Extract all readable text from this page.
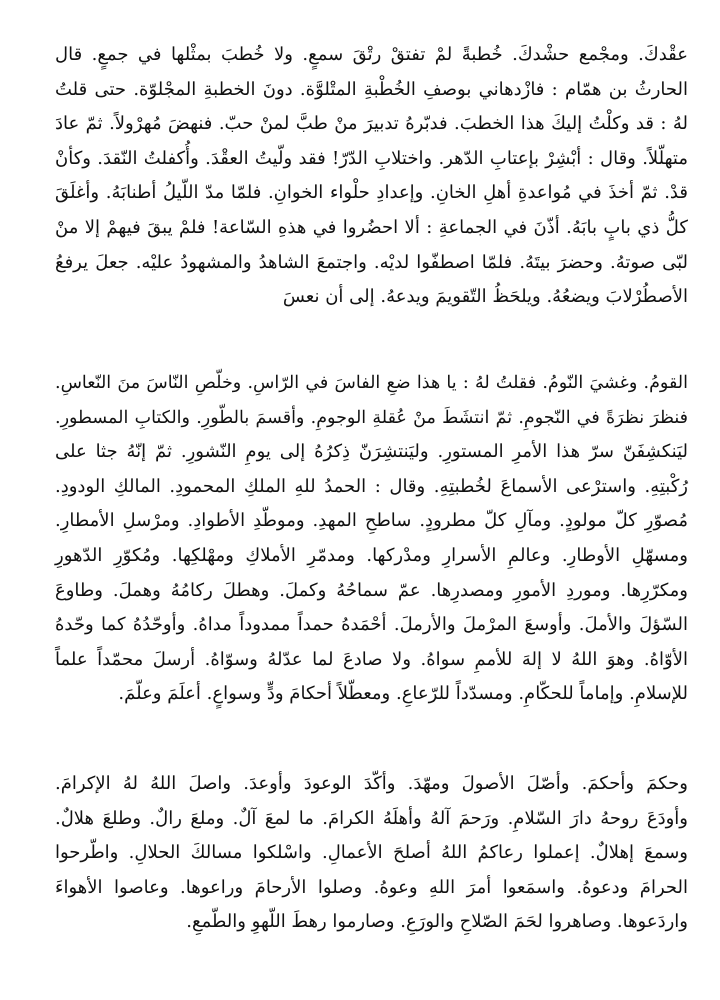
عقْدكَ. ومجْمع حشْدكَ. خُطبةً لمْ تفتقْ رتْقَ سمعٍ. ولا خُطبَ بمثْلها في جمعٍ. قال
الحارثُ بن همّام : فازْدهاني بوصفِ الخُطْبةِ المتْلوَّة. دونَ الخطبةِ المجْلوّة. حتى قلتُ
لهُ : قد وكلْتُ إليكَ هذا الخطبَ. فدبّرهُ تدبيرَ منْ طبَّ لمنْ حبّ. فنهضَ مُهرْولاً. ثمّ عادَ
متهلّلاً. وقال : أبْشِرْ بإعتابِ الدّهر. واختلابِ الدّرّ! فقد ولّيتُ العقْدَ. وأُكفلتُ النّقدَ. وكأنْ
قدْ. ثمّ أخذَ في مُواعدةِ أهلِ الخانِ. وإعدادِ حلْواء الخوانِ. فلمّا مدّ اللّيلُ أطنابَهُ. وأغلَقَ
كلُّ ذي بابٍ بابَهُ. أذّنَ في الجماعةِ : ألا احضُروا في هذهِ السّاعة! فلمْ يبقَ فيهمْ إلا منْ
لبّى صوتهُ. وحضرَ بيتَهُ. فلمّا اصطفّوا لديْه. واجتمعَ الشاهدُ والمشهودُ عليْه. جعلَ يرفعُ
الأصطُرْلابَ ويضعُهُ. ويلحَظُ التّقويمَ ويدعهُ. إلى أن نعسَ
القومُ. وغشيَ النّومُ. فقلتُ لهُ : يا هذا ضعِ الفاسَ في الرّاسِ. وخلّصِ النّاسَ منَ النّعاسِ.
فنظرَ نظرَةً في النّجومِ. ثمّ انتشَطَ منْ عُقلةِ الوجومِ. وأقسمَ بالطّورِ. والكتابِ المسطورِ.
ليَنكشِفَنّ سرّ هذا الأمرِ المستورِ. وليَنتشِرَنّ ذِكرُهُ إلى يومِ النّشورِ. ثمّ إنّهُ جثا على
رُكْبتِهِ. واسترْعى الأسماعَ لخُطبتِهِ. وقال : الحمدُ للهِ الملكِ المحمودِ. المالكِ الودودِ.
مُصوّرِ كلّ مولودٍ. ومآلِ كلّ مطرودٍ. ساطحِ المهدِ. وموطّدِ الأطوادِ. ومرْسلِ الأمطارِ.
ومسهّلِ الأوطارِ. وعالمِ الأسرارِ ومدْركها. ومدمّرِ الأملاكِ ومهْلكِها. ومُكوّرِ الدّهورِ
ومكرّرِها. وموردِ الأمورِ ومصدرِها. عمّ سماحُهُ وكملَ. وهطلَ ركامُهُ وهملَ. وطاوعَ
السّؤلَ والأملَ. وأوسعَ المرْملَ والأرملَ. أحْمَدهُ حمداً ممدوداً مداهُ. وأوحّدُهُ كما وحّدهُ
الأوّاهُ. وهوَ اللهُ لا إلهَ للأممِ سواهُ. ولا صادعَ لما عدّلهُ وسوّاهُ. أرسلَ محمّداً علماً
للإسلامِ. وإماماً للحكّامِ. ومسدّداً للرّعاعِ. ومعطّلاً أحكامَ ودٍّ وسواعٍ. أعلَمَ وعلّمَ.
وحكمَ وأحكمَ. وأصّلَ الأصولَ ومهّدَ. وأكّدَ الوعودَ وأوعدَ. واصلَ اللهُ لهُ الإكرامَ.
وأودَعَ روحهُ دارَ السّلامِ. ورَحمَ آلهُ وأهلَهُ الكرامَ. ما لمعَ آلٌ. وملعَ رالٌ. وطلعَ هلالٌ.
وسمعَ إهلالٌ. إعملوا رعاكمُ اللهُ أصلحَ الأعمالِ. واسْلكوا مسالكَ الحلالِ. واطّرحوا
الحرامَ ودعوهُ. واسمَعوا أمرَ اللهِ وعوهُ. وصلوا الأرحامَ وراعوها. وعاصوا الأهواءَ
واردَعوها. وصاهروا لحَمَ الصّلاحِ والورَعِ. وصارموا رهطَ اللّهوِ والطّمعِ.
